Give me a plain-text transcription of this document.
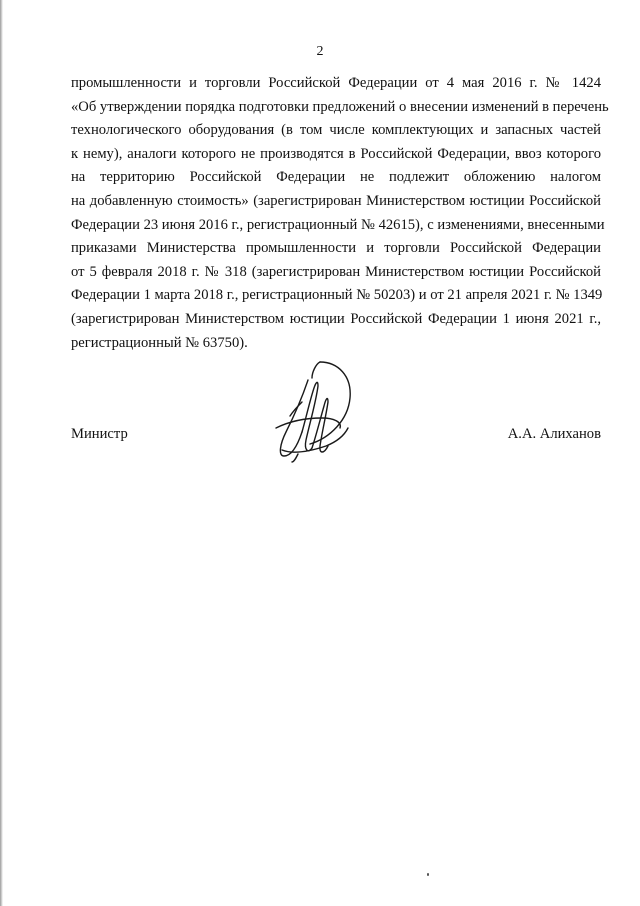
2
промышленности и торговли Российской Федерации от 4 мая 2016 г. № 1424
«Об утверждении порядка подготовки предложений о внесении изменений в перечень
технологического оборудования (в том числе комплектующих и запасных частей
к нему), аналоги которого не производятся в Российской Федерации, ввоз которого
на территорию Российской Федерации не подлежит обложению налогом
на добавленную стоимость» (зарегистрирован Министерством юстиции Российской
Федерации 23 июня 2016 г., регистрационный № 42615), с изменениями, внесенными
приказами Министерства промышленности и торговли Российской Федерации
от 5 февраля 2018 г. № 318 (зарегистрирован Министерством юстиции Российской
Федерации 1 марта 2018 г., регистрационный № 50203) и от 21 апреля 2021 г. № 1349
(зарегистрирован Министерством юстиции Российской Федерации 1 июня 2021 г.,
регистрационный № 63750).
Министр	А.А. Алиханов
